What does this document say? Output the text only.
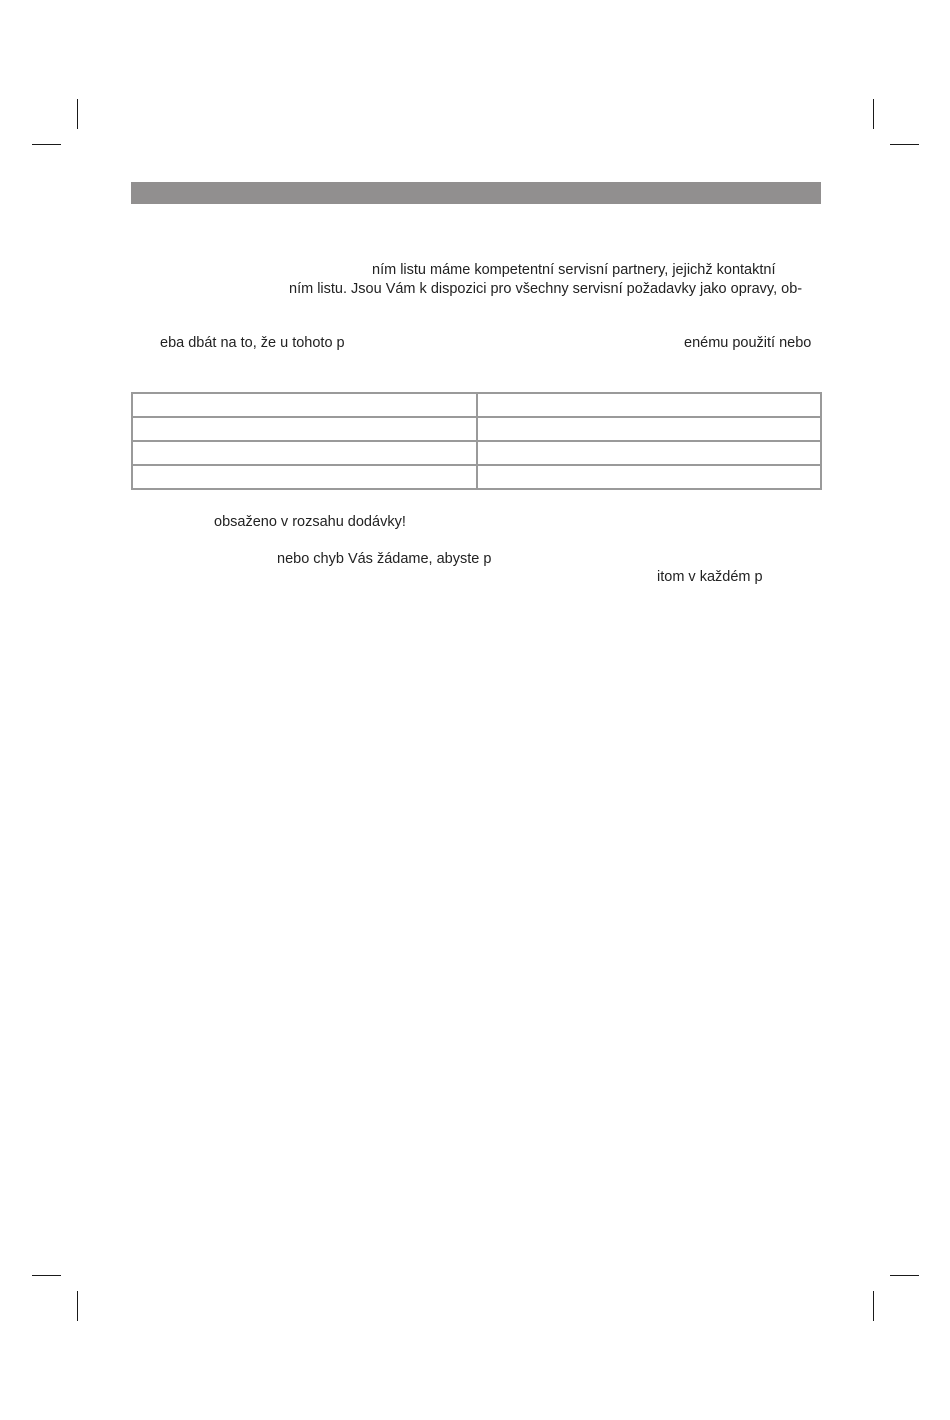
ním listu máme kompetentní servisní partnery, jejichž kontaktní
ním listu. Jsou Vám k dispozici pro všechny servisní požadavky jako opravy, ob-
eba dbát na to, že u tohoto p	enému použití nebo

obsaženo v rozsahu dodávky!
nebo chyb Vás žádame, abyste p
itom v každém p
